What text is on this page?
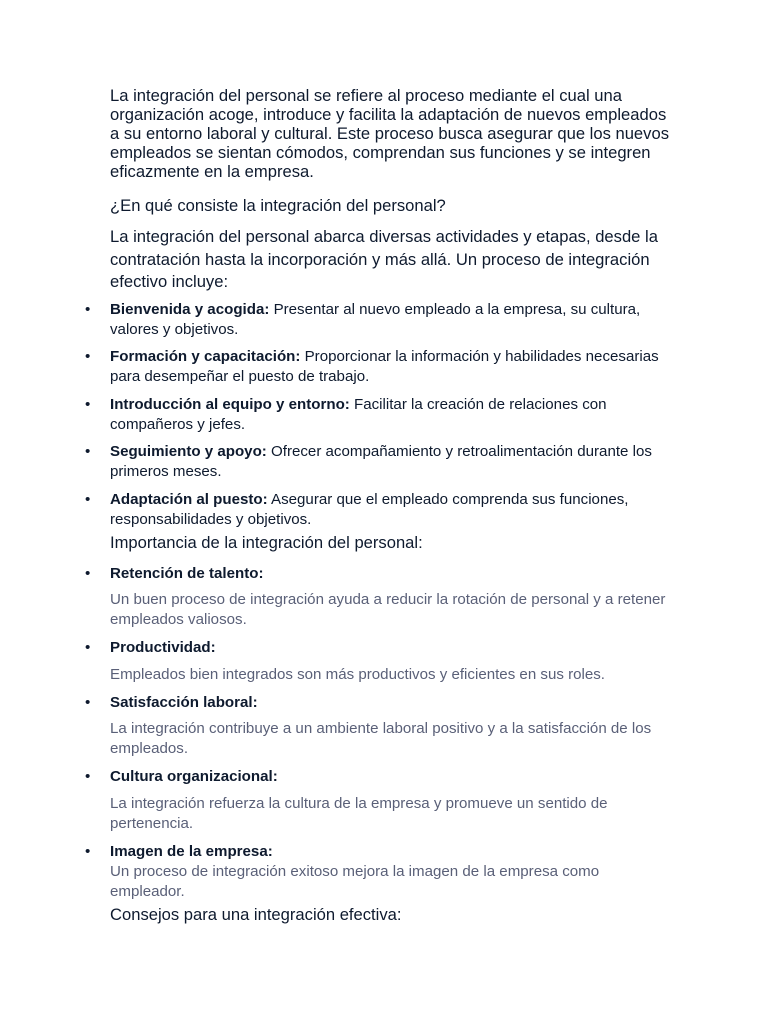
La integración del personal se refiere al proceso mediante el cual una organización acoge, introduce y facilita la adaptación de nuevos empleados a su entorno laboral y cultural. Este proceso busca asegurar que los nuevos empleados se sientan cómodos, comprendan sus funciones y se integren eficazmente en la empresa.

¿En qué consiste la integración del personal?

La integración del personal abarca diversas actividades y etapas, desde la contratación hasta la incorporación y más allá. Un proceso de integración efectivo incluye:

• Bienvenida y acogida: Presentar al nuevo empleado a la empresa, su cultura, valores y objetivos.
• Formación y capacitación: Proporcionar la información y habilidades necesarias para desempeñar el puesto de trabajo.
• Introducción al equipo y entorno: Facilitar la creación de relaciones con compañeros y jefes.
• Seguimiento y apoyo: Ofrecer acompañamiento y retroalimentación durante los primeros meses.
• Adaptación al puesto: Asegurar que el empleado comprenda sus funciones, responsabilidades y objetivos.
Importancia de la integración del personal:
• Retención de talento:
Un buen proceso de integración ayuda a reducir la rotación de personal y a retener empleados valiosos.
• Productividad:
Empleados bien integrados son más productivos y eficientes en sus roles.
• Satisfacción laboral:
La integración contribuye a un ambiente laboral positivo y a la satisfacción de los empleados.
• Cultura organizacional:
La integración refuerza la cultura de la empresa y promueve un sentido de pertenencia.
• Imagen de la empresa:
Un proceso de integración exitoso mejora la imagen de la empresa como empleador.
Consejos para una integración efectiva:
